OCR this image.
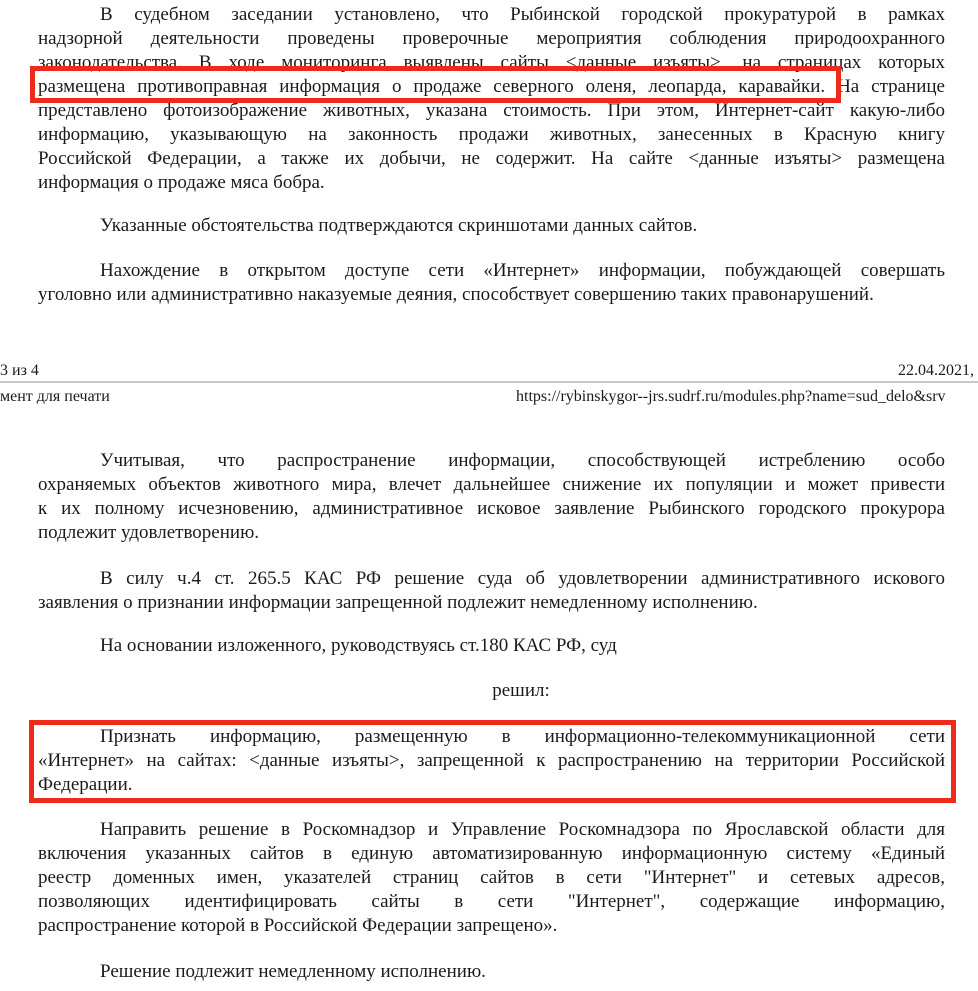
В судебном заседании установлено, что Рыбинской городской прокуратурой в рамках
надзорной деятельности проведены проверочные мероприятия соблюдения природоохранного
законодательства. В ходе мониторинга выявлены сайты <данные изъяты>, на страницах которых
размещена противоправная информация о продаже северного оленя, леопарда, каравайки. На странице
представлено фотоизображение животных, указана стоимость. При этом, Интернет-сайт какую-либо
информацию, указывающую на законность продажи животных, занесенных в Красную книгу
Российской Федерации, а также их добычи, не содержит. На сайте <данные изъяты> размещена
информация о продаже мяса бобра.
Указанные обстоятельства подтверждаются скриншотами данных сайтов.
Нахождение в открытом доступе сети «Интернет» информации, побуждающей совершать
уголовно или административно наказуемые деяния, способствует совершению таких правонарушений.
3 из 4	22.04.2021,
мент для печати	https://rybinskygor--jrs.sudrf.ru/modules.php?name=sud_delo&srv
Учитывая, что распространение информации, способствующей истреблению особо
охраняемых объектов животного мира, влечет дальнейшее снижение их популяции и может привести
к их полному исчезновению, административное исковое заявление Рыбинского городского прокурора
подлежит удовлетворению.
В силу ч.4 ст. 265.5 КАС РФ решение суда об удовлетворении административного искового
заявления о признании информации запрещенной подлежит немедленному исполнению.
На основании изложенного, руководствуясь ст.180 КАС РФ, суд
решил:
Признать информацию, размещенную в информационно-телекоммуникационной сети
«Интернет» на сайтах: <данные изъяты>, запрещенной к распространению на территории Российской
Федерации.
Направить решение в Роскомнадзор и Управление Роскомнадзора по Ярославской области для
включения указанных сайтов в единую автоматизированную информационную систему «Единый
реестр доменных имен, указателей страниц сайтов в сети "Интернет" и сетевых адресов,
позволяющих идентифицировать сайты в сети "Интернет", содержащие информацию,
распространение которой в Российской Федерации запрещено».
Решение подлежит немедленному исполнению.
